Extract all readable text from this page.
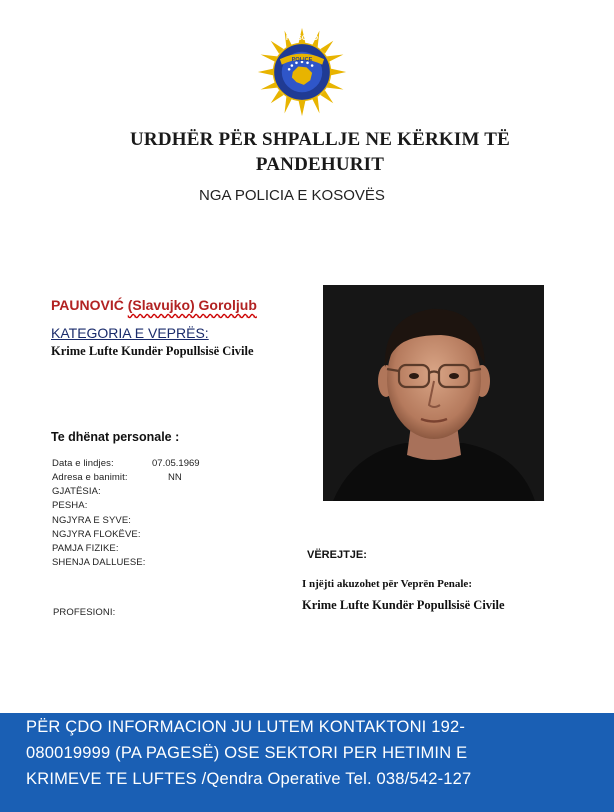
KOSOVO
POLICE
URDHËR PËR SHPALLJE NE KËRKIM TË
PANDEHURIT
NGA POLICIA E KOSOVËS
PAUNOVIĆ (Slavujko) Goroljub
KATEGORIA E VEPRËS:
Krime Lufte Kundër Popullsisë Civile
Te dhënat personale :
Data e lindjes:	07.05.1969
Adresa e banimit:	NN
GJATËSIA:
PESHA:
NGJYRA E SYVE:
NGJYRA FLOKËVE:
PAMJA FIZIKE:
SHENJA DALLUESE:
PROFESIONI:
VËREJTJE:
I njëjti akuzohet për Veprën Penale:
Krime Lufte Kundër Popullsisë Civile
PËR ÇDO INFORMACION JU LUTEM KONTAKTONI 192-
080019999 (PA PAGESË) OSE SEKTORI PER HETIMIN E
KRIMEVE TE LUFTES /Qendra Operative Tel. 038/542-127
